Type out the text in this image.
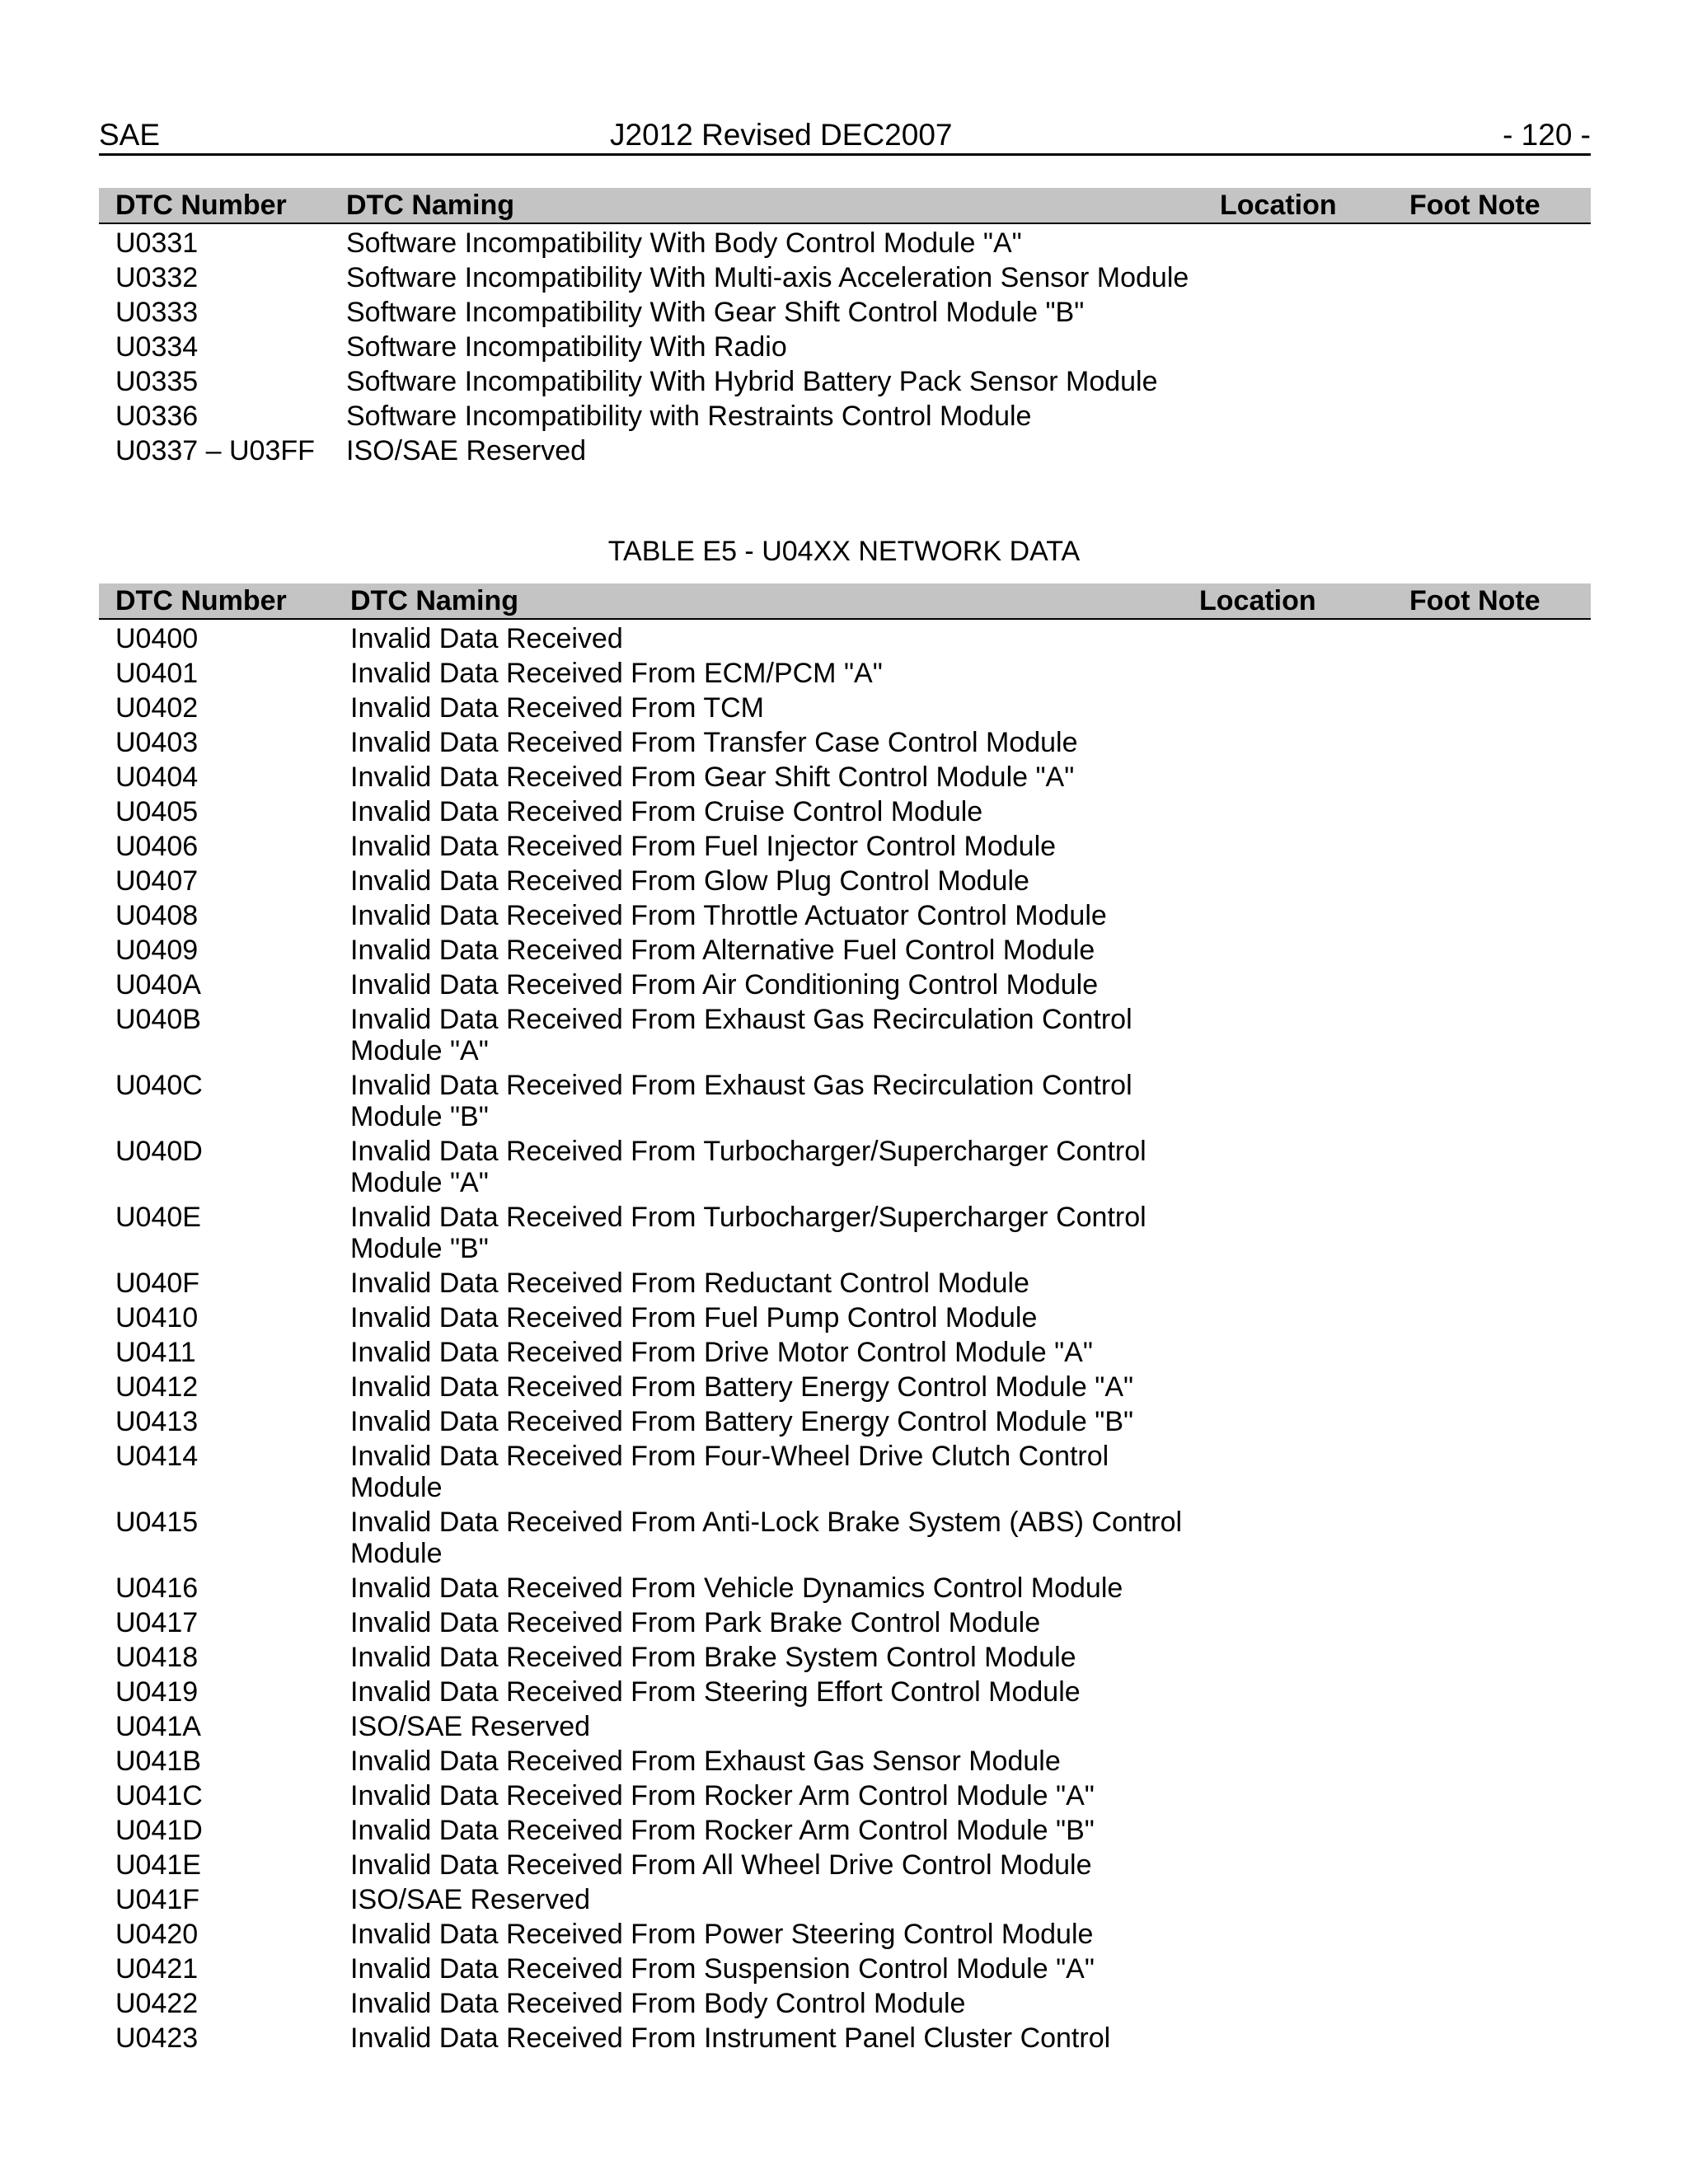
SAE	J2012 Revised DEC2007	- 120 -
DTC Number	DTC Naming	Location	Foot Note
U0331	Software Incompatibility With Body Control Module "A"		
U0332	Software Incompatibility With Multi-axis Acceleration Sensor Module		
U0333	Software Incompatibility With Gear Shift Control Module "B"		
U0334	Software Incompatibility With Radio		
U0335	Software Incompatibility With Hybrid Battery Pack Sensor Module		
U0336	Software Incompatibility with Restraints Control Module		
U0337 – U03FF	ISO/SAE Reserved		
TABLE E5 - U04XX NETWORK DATA
DTC Number	DTC Naming	Location	Foot Note
U0400	Invalid Data Received		
U0401	Invalid Data Received From ECM/PCM "A"		
U0402	Invalid Data Received From TCM		
U0403	Invalid Data Received From Transfer Case Control Module		
U0404	Invalid Data Received From Gear Shift Control Module "A"		
U0405	Invalid Data Received From Cruise Control Module		
U0406	Invalid Data Received From Fuel Injector Control Module		
U0407	Invalid Data Received From Glow Plug Control Module		
U0408	Invalid Data Received From Throttle Actuator Control Module		
U0409	Invalid Data Received From Alternative Fuel Control Module		
U040A	Invalid Data Received From Air Conditioning Control Module		
U040B	Invalid Data Received From Exhaust Gas Recirculation Control Module "A"		
U040C	Invalid Data Received From Exhaust Gas Recirculation Control Module "B"		
U040D	Invalid Data Received From Turbocharger/Supercharger Control Module "A"		
U040E	Invalid Data Received From Turbocharger/Supercharger Control Module "B"		
U040F	Invalid Data Received From Reductant Control Module		
U0410	Invalid Data Received From Fuel Pump Control Module		
U0411	Invalid Data Received From Drive Motor Control Module "A"		
U0412	Invalid Data Received From Battery Energy Control Module "A"		
U0413	Invalid Data Received From Battery Energy Control Module "B"		
U0414	Invalid Data Received From Four-Wheel Drive Clutch Control Module		
U0415	Invalid Data Received From Anti-Lock Brake System (ABS) Control Module		
U0416	Invalid Data Received From Vehicle Dynamics Control Module		
U0417	Invalid Data Received From Park Brake Control Module		
U0418	Invalid Data Received From Brake System Control Module		
U0419	Invalid Data Received From Steering Effort Control Module		
U041A	ISO/SAE Reserved		
U041B	Invalid Data Received From Exhaust Gas Sensor Module		
U041C	Invalid Data Received From Rocker Arm Control Module "A"		
U041D	Invalid Data Received From Rocker Arm Control Module "B"		
U041E	Invalid Data Received From All Wheel Drive Control Module		
U041F	ISO/SAE Reserved		
U0420	Invalid Data Received From Power Steering Control Module		
U0421	Invalid Data Received From Suspension Control Module "A"		
U0422	Invalid Data Received From Body Control Module		
U0423	Invalid Data Received From Instrument Panel Cluster Control		
